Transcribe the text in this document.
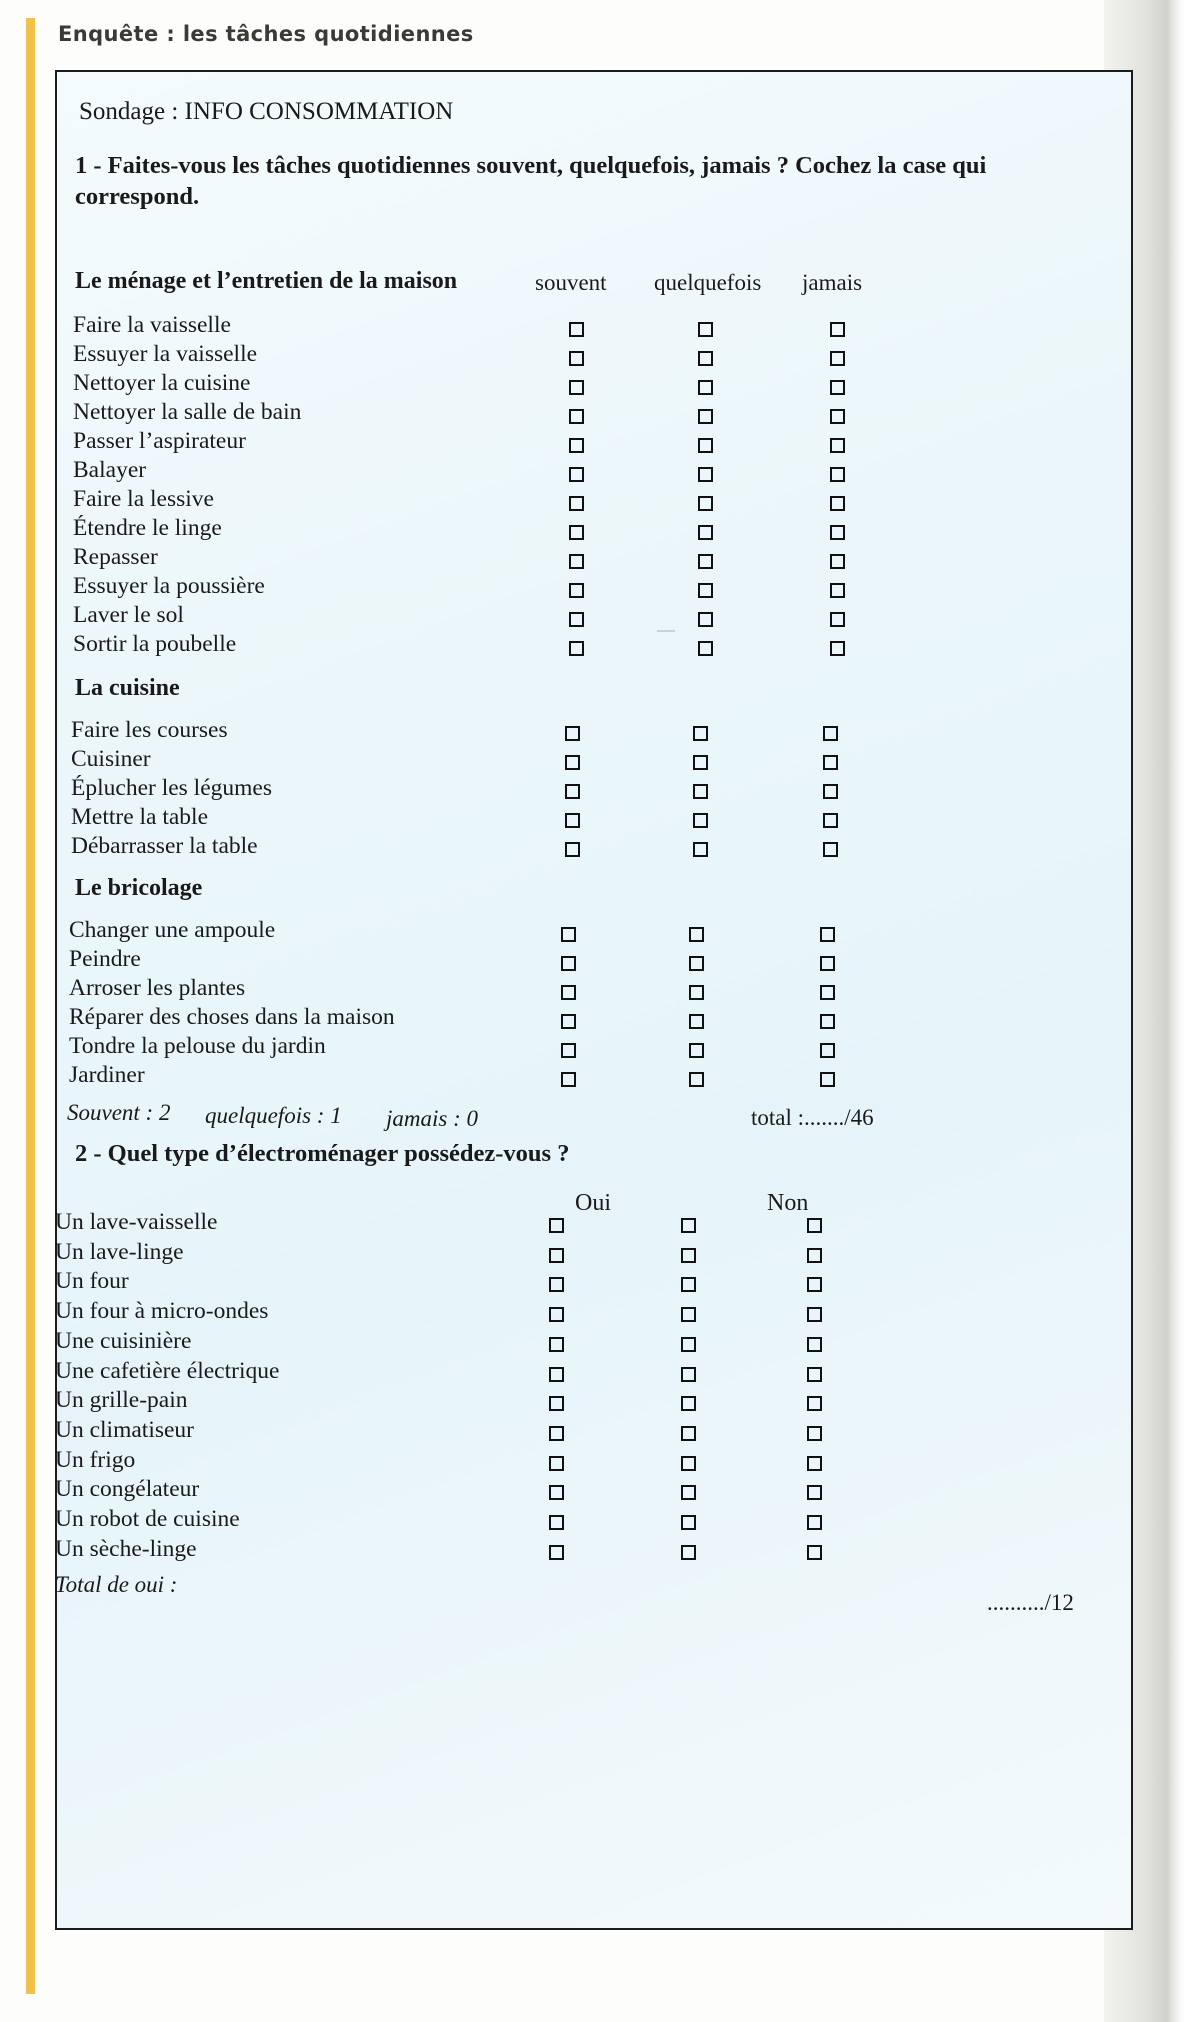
Enquête : les tâches quotidiennes
Sondage : INFO CONSOMMATION
1 - Faites-vous les tâches quotidiennes souvent, quelquefois, jamais ? Cochez la case qui correspond.
Le ménage et l’entretien de la maison	souvent quelquefois jamais
Faire la vaisselle
Essuyer la vaisselle
Nettoyer la cuisine
Nettoyer la salle de bain
Passer l’aspirateur
Balayer
Faire la lessive
Étendre le linge
Repasser
Essuyer la poussière
Laver le sol
Sortir la poubelle
La cuisine
Faire les courses
Cuisiner
Éplucher les légumes
Mettre la table
Débarrasser la table
Le bricolage
Changer une ampoule
Peindre
Arroser les plantes
Réparer des choses dans la maison
Tondre la pelouse du jardin
Jardiner
Souvent : 2 quelquefois : 1 jamais : 0	total :......./46
2 - Quel type d’électroménager possédez-vous ?
Oui	Non
Un lave-vaisselle
Un lave-linge
Un four
Un four à micro-ondes
Une cuisinière
Une cafetière électrique
Un grille-pain
Un climatiseur
Un frigo
Un congélateur
Un robot de cuisine
Un sèche-linge
Total de oui :
........../12
